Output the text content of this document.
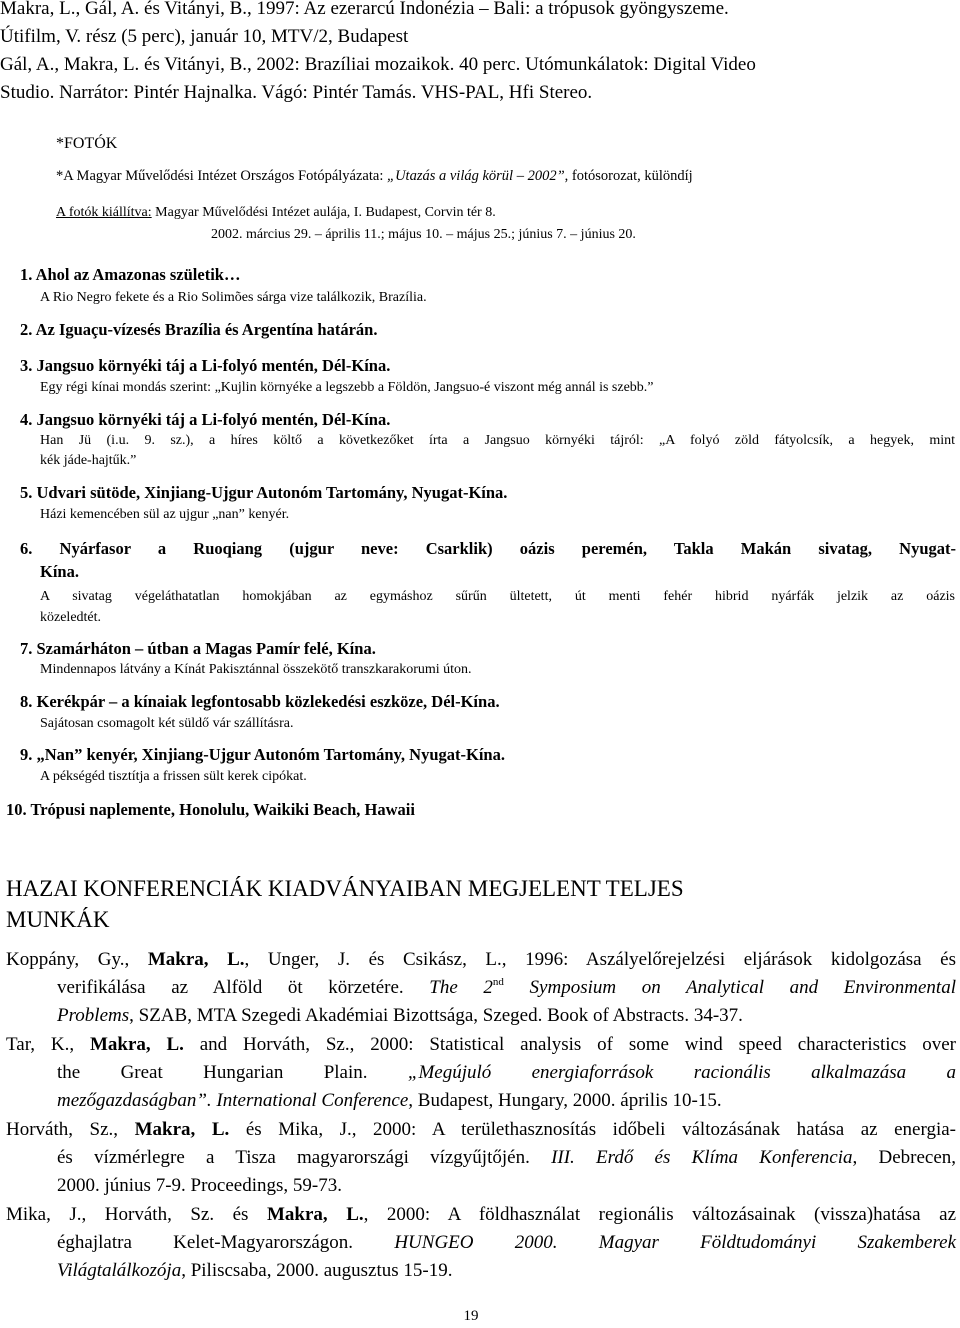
Makra, L., Gál, A. és Vitányi, B., 1997: Az ezerarcú Indonézia – Bali: a trópusok gyöngyszeme.
Útifilm, V. rész (5 perc), január 10, MTV/2, Budapest
Gál, A., Makra, L. és Vitányi, B., 2002: Brazíliai mozaikok. 40 perc. Utómunkálatok: Digital Video
Studio. Narrátor: Pintér Hajnalka. Vágó: Pintér Tamás. VHS-PAL, Hfi Stereo.
*FOTÓK
*A Magyar Művelődési Intézet Országos Fotópályázata: „Utazás a világ körül – 2002”, fotósorozat, különdíj
A fotók kiállítva: Magyar Művelődési Intézet aulája, I. Budapest, Corvin tér 8.
2002. március 29. – április 11.; május 10. – május 25.; június 7. – június 20.
1. Ahol az Amazonas születik…
A Rio Negro fekete és a Rio Solimões sárga vize találkozik, Brazília.
2. Az Iguaçu-vízesés Brazília és Argentína határán.
3. Jangsuo környéki táj a Li-folyó mentén, Dél-Kína.
Egy régi kínai mondás szerint: „Kujlin környéke a legszebb a Földön, Jangsuo-é viszont még annál is szebb.”
4. Jangsuo környéki táj a Li-folyó mentén, Dél-Kína.
Han Jü (i.u. 9. sz.), a híres költő a következőket írta a Jangsuo környéki tájról: „A folyó zöld fátyolcsík, a hegyek, mint
kék jáde-hajtűk.”
5. Udvari sütöde, Xinjiang-Ujgur Autonóm Tartomány, Nyugat-Kína.
Házi kemencében sül az ujgur „nan” kenyér.
6. Nyárfasor a Ruoqiang (ujgur neve: Csarklik) oázis peremén, Takla Makán sivatag, Nyugat-
Kína.
A sivatag végeláthatatlan homokjában az egymáshoz sűrűn ültetett, út menti fehér hibrid nyárfák jelzik az oázis
közeledtét.
7. Szamárháton – útban a Magas Pamír felé, Kína.
Mindennapos látvány a Kínát Pakisztánnal összekötő transzkarakorumi úton.
8. Kerékpár – a kínaiak legfontosabb közlekedési eszköze, Dél-Kína.
Sajátosan csomagolt két süldő vár szállításra.
9. „Nan” kenyér, Xinjiang-Ujgur Autonóm Tartomány, Nyugat-Kína.
A pékségéd tisztítja a frissen sült kerek cipókat.
10. Trópusi naplemente, Honolulu, Waikiki Beach, Hawaii
HAZAI KONFERENCIÁK KIADVÁNYAIBAN MEGJELENT TELJES
MUNKÁK
Koppány, Gy., Makra, L., Unger, J. és Csikász, L., 1996: Aszályelőrejelzési eljárások kidolgozása és
verifikálása az Alföld öt körzetére. The 2nd Symposium on Analytical and Environmental
Problems, SZAB, MTA Szegedi Akadémiai Bizottsága, Szeged. Book of Abstracts. 34-37.
Tar, K., Makra, L. and Horváth, Sz., 2000: Statistical analysis of some wind speed characteristics over
the Great Hungarian Plain. „Megújuló energiaforrások racionális alkalmazása a
mezőgazdaságban”. International Conference, Budapest, Hungary, 2000. április 10-15.
Horváth, Sz., Makra, L. és Mika, J., 2000: A területhasznosítás időbeli változásának hatása az energia-
és vízmérlegre a Tisza magyarországi vízgyűjtőjén. III. Erdő és Klíma Konferencia, Debrecen,
2000. június 7-9. Proceedings, 59-73.
Mika, J., Horváth, Sz. és Makra, L., 2000: A földhasználat regionális változásainak (vissza)hatása az
éghajlatra Kelet-Magyarországon. HUNGEO 2000. Magyar Földtudományi Szakemberek
Világtalálkozója, Piliscsaba, 2000. augusztus 15-19.
19
